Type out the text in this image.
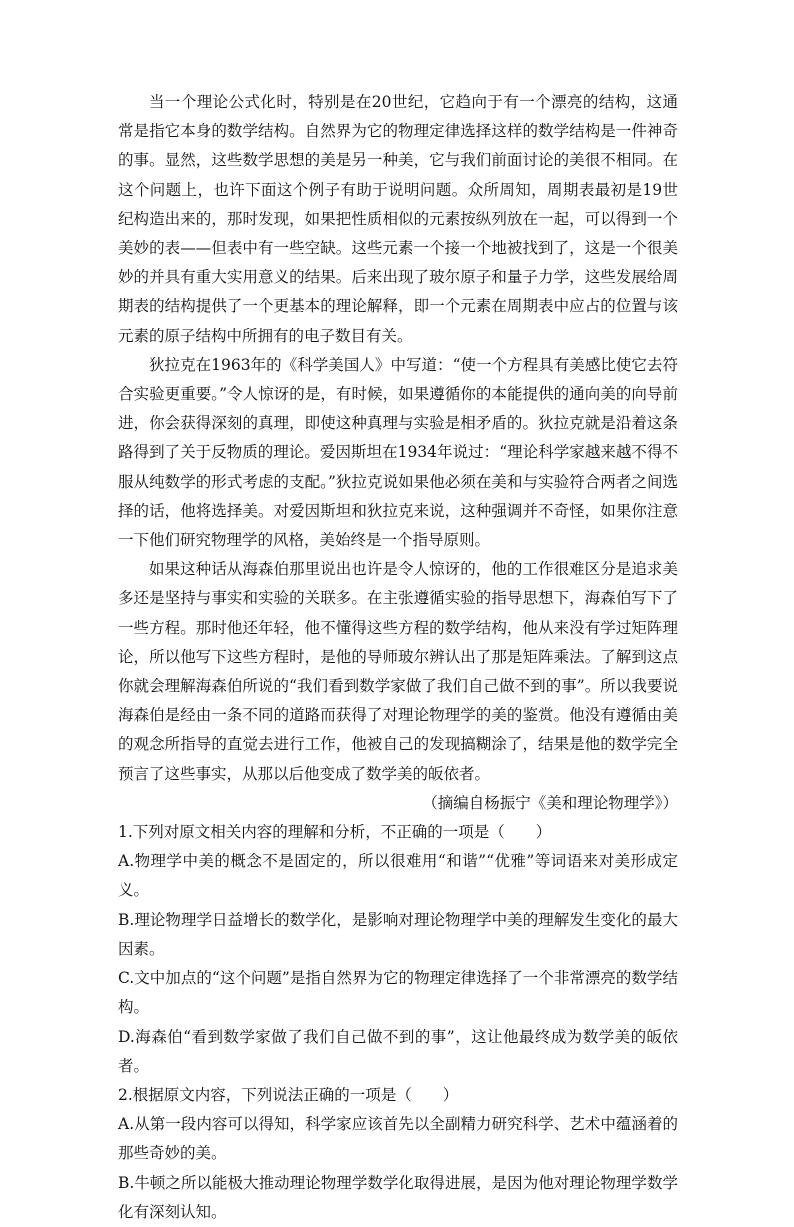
当一个理论公式化时，特别是在20世纪，它趋向于有一个漂亮的结构，这通常是指它本身的数学结构。自然界为它的物理定律选择这样的数学结构是一件神奇的事。显然，这些数学思想的美是另一种美，它与我们前面讨论的美很不相同。在这个问题上，也许下面这个例子有助于说明问题。众所周知，周期表最初是19世纪构造出来的，那时发现，如果把性质相似的元素按纵列放在一起，可以得到一个美妙的表——但表中有一些空缺。这些元素一个接一个地被找到了，这是一个很美妙的并具有重大实用意义的结果。后来出现了玻尔原子和量子力学，这些发展给周期表的结构提供了一个更基本的理论解释，即一个元素在周期表中应占的位置与该元素的原子结构中所拥有的电子数目有关。

狄拉克在1963年的《科学美国人》中写道：“使一个方程具有美感比使它去符合实验更重要。”令人惊讶的是，有时候，如果遵循你的本能提供的通向美的向导前进，你会获得深刻的真理，即使这种真理与实验是相矛盾的。狄拉克就是沿着这条路得到了关于反物质的理论。爱因斯坦在1934年说过：“理论科学家越来越不得不服从纯数学的形式考虑的支配。”狄拉克说如果他必须在美和与实验符合两者之间选择的话，他将选择美。对爱因斯坦和狄拉克来说，这种强调并不奇怪，如果你注意一下他们研究物理学的风格，美始终是一个指导原则。

如果这种话从海森伯那里说出也许是令人惊讶的，他的工作很难区分是追求美多还是坚持与事实和实验的关联多。在主张遵循实验的指导思想下，海森伯写下了一些方程。那时他还年轻，他不懂得这些方程的数学结构，他从来没有学过矩阵理论，所以他写下这些方程时，是他的导师玻尔辨认出了那是矩阵乘法。了解到这点你就会理解海森伯所说的“我们看到数学家做了我们自己做不到的事”。所以我要说海森伯是经由一条不同的道路而获得了对理论物理学的美的鉴赏。他没有遵循由美的观念所指导的直觉去进行工作，他被自己的发现搞糊涂了，结果是他的数学完全预言了这些事实，从那以后他变成了数学美的皈依者。

（摘编自杨振宁《美和理论物理学》）

1.下列对原文相关内容的理解和分析，不正确的一项是（　　）

A.物理学中美的概念不是固定的，所以很难用“和谐”“优雅”等词语来对美形成定义。

B.理论物理学日益增长的数学化，是影响对理论物理学中美的理解发生变化的最大因素。

C.文中加点的“这个问题”是指自然界为它的物理定律选择了一个非常漂亮的数学结构。

D.海森伯“看到数学家做了我们自己做不到的事”，这让他最终成为数学美的皈依者。

2.根据原文内容，下列说法正确的一项是（　　）

A.从第一段内容可以得知，科学家应该首先以全副精力研究科学、艺术中蕴涵着的那些奇妙的美。

B.牛顿之所以能极大推动理论物理学数学化取得进展，是因为他对理论物理学数学化有深刻认知。
